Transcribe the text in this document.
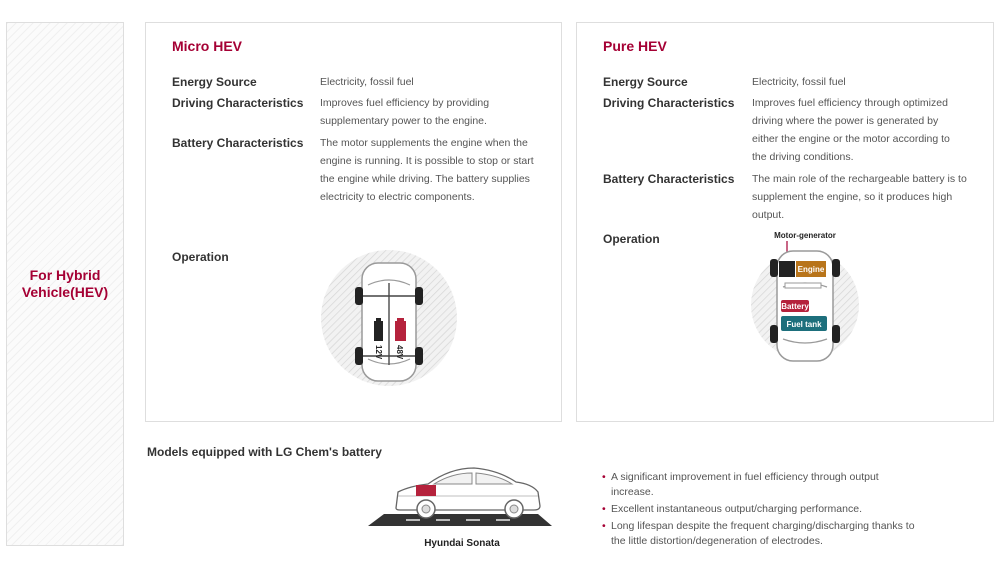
For Hybrid Vehicle(HEV)
Micro HEV
Energy Source	Electricity, fossil fuel
Driving Characteristics	Improves fuel efficiency by providing supplementary power to the engine.
Battery Characteristics	The motor supplements the engine when the engine is running. It is possible to stop or start the engine while driving. The battery supplies electricity to electric components.
Operation
12V 48V
Pure HEV
Energy Source	Electricity, fossil fuel
Driving Characteristics	Improves fuel efficiency through optimized driving where the power is generated by either the engine or the motor according to the driving conditions.
Battery Characteristics	The main role of the rechargeable battery is to supplement the engine, so it produces high output.
Operation	Motor-generator
Engine
Battery
Fuel tank
Models equipped with LG Chem's battery
Hyundai Sonata
• A significant improvement in fuel efficiency through output increase.
• Excellent instantaneous output/charging performance.
• Long lifespan despite the frequent charging/discharging thanks to the little distortion/degeneration of electrodes.
